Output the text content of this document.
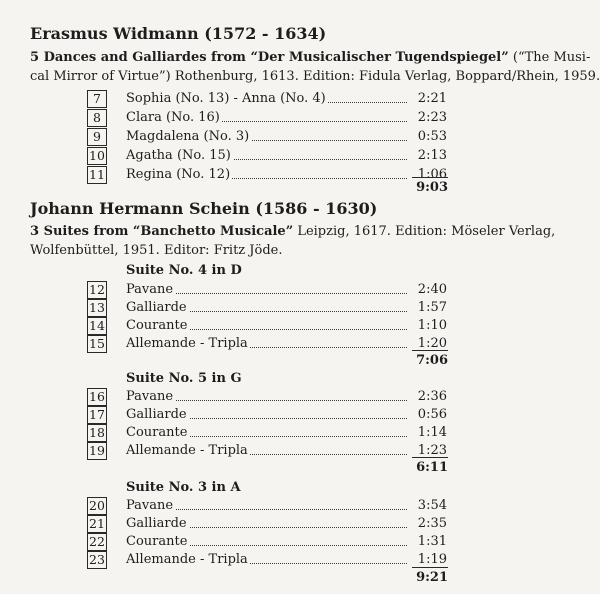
Erasmus Widmann (1572 - 1634)
5 Dances and Galliardes from “Der Musicalischer Tugendspiegel” (“The Musi-
cal Mirror of Virtue”) Rothenburg, 1613. Edition: Fidula Verlag, Boppard/Rhein, 1959.
7	Sophia (No. 13) - Anna (No. 4)	2:21
8	Clara (No. 16)	2:23
9	Magdalena (No. 3)	0:53
10 Agatha (No. 15)	2:13
11 Regina (No. 12)	1:06
9:03
Johann Hermann Schein (1586 - 1630)
3 Suites from “Banchetto Musicale” Leipzig, 1617. Edition: Möseler Verlag,
Wolfenbüttel, 1951. Editor: Fritz Jöde.
Suite No. 4 in D
12 Pavane	2:40
13 Galliarde	1:57
14 Courante	1:10
15 Allemande - Tripla	1:20
7:06
Suite No. 5 in G
16 Pavane	2:36
17 Galliarde	0:56
18 Courante	1:14
19 Allemande - Tripla	1:23
6:11
Suite No. 3 in A
20 Pavane	3:54
21 Galliarde	2:35
22 Courante	1:31
23 Allemande - Tripla	1:19
9:21
